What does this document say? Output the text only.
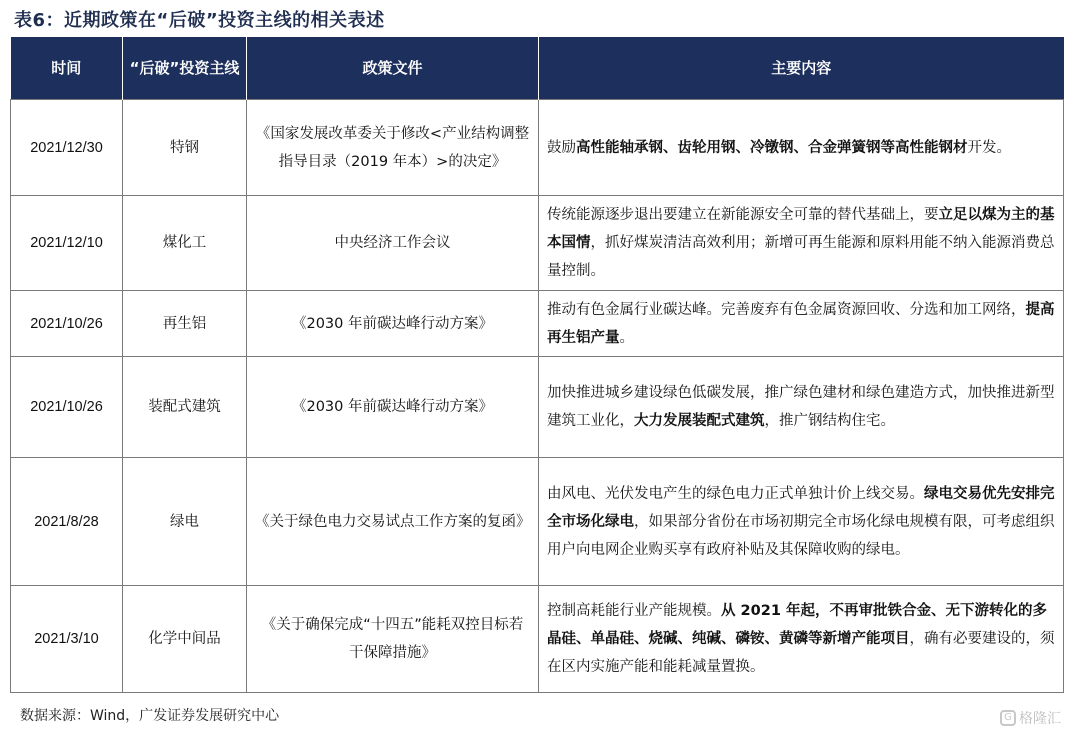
表6：近期政策在“后破”投资主线的相关表述
时间	“后破”投资主线	政策文件	主要内容
2021/12/30	特钢	《国家发展改革委关于修改<产业结构调整指导目录（2019 年本）>的决定》	鼓励高性能轴承钢、齿轮用钢、冷镦钢、合金弹簧钢等高性能钢材开发。
2021/12/10	煤化工	中央经济工作会议	传统能源逐步退出要建立在新能源安全可靠的替代基础上，要立足以煤为主的基本国情，抓好煤炭清洁高效利用；新增可再生能源和原料用能不纳入能源消费总量控制。
2021/10/26	再生铝	《2030 年前碳达峰行动方案》	推动有色金属行业碳达峰。完善废弃有色金属资源回收、分选和加工网络，提高再生铝产量。
2021/10/26	装配式建筑	《2030 年前碳达峰行动方案》	加快推进城乡建设绿色低碳发展，推广绿色建材和绿色建造方式，加快推进新型建筑工业化，大力发展装配式建筑，推广钢结构住宅。
2021/8/28	绿电	《关于绿色电力交易试点工作方案的复函》	由风电、光伏发电产生的绿色电力正式单独计价上线交易。绿电交易优先安排完全市场化绿电，如果部分省份在市场初期完全市场化绿电规模有限，可考虑组织用户向电网企业购买享有政府补贴及其保障收购的绿电。
2021/3/10	化学中间品	《关于确保完成“十四五”能耗双控目标若干保障措施》	控制高耗能行业产能规模。从 2021 年起，不再审批铁合金、无下游转化的多晶硅、单晶硅、烧碱、纯碱、磷铵、黄磷等新增产能项目，确有必要建设的，须在区内实施产能和能耗减量置换。
数据来源：Wind，广发证券发展研究中心	G 格隆汇
